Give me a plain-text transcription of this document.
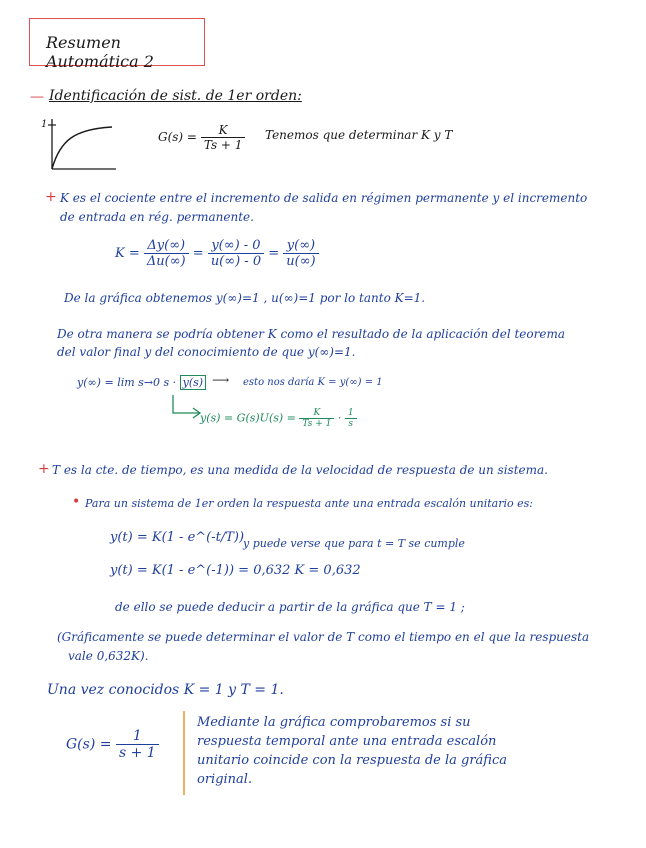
Resumen Automática 2
— Identificación de sist. de 1er orden:
1
$G(s) = \frac{K}{Ts + 1}$ Tenemos que determinar K y T
+ K es el cociente entre el incremento de salida en régimen permanente y el incremento
de entrada en rég. permanente.
$K = \frac{\Delta y(\infty)}{\Delta u(\infty)} = \frac{y(\infty) - 0}{u(\infty) - 0} = \frac{y(\infty)}{u(\infty)}$
De la gráfica obtenemos y(∞)=1 , u(∞)=1 por lo tanto K=1.
De otra manera se podría obtener K como el resultado de la aplicación del teorema
del valor final y del conocimiento de que y(∞)=1.
y(∞) = lim s→0 s · y(s) ⟶ esto nos daría K = y(∞) = 1
$y(s) = G(s)U(s) = \frac{K}{Ts + 1} \cdot \frac{1}{s}$
+ T es la cte. de tiempo, es una medida de la velocidad de respuesta de un sistema.
• Para un sistema de 1er orden la respuesta ante una entrada escalón unitario es:
y(t) = K(1 - e^(-t/T))
y puede verse que para t = T se cumple
y(t) = K(1 - e^(-1)) = 0,632 K = 0,632
de ello se puede deducir a partir de la gráfica que T = 1 ;
(Gráficamente se puede determinar el valor de T como el tiempo en el que la respuesta
vale 0,632K).
Una vez conocidos K = 1 y T = 1.
$G(s) = \frac{1}{s + 1}$
Mediante la gráfica comprobaremos si su
respuesta temporal ante una entrada escalón
unitario coincide con la respuesta de la gráfica
original.
